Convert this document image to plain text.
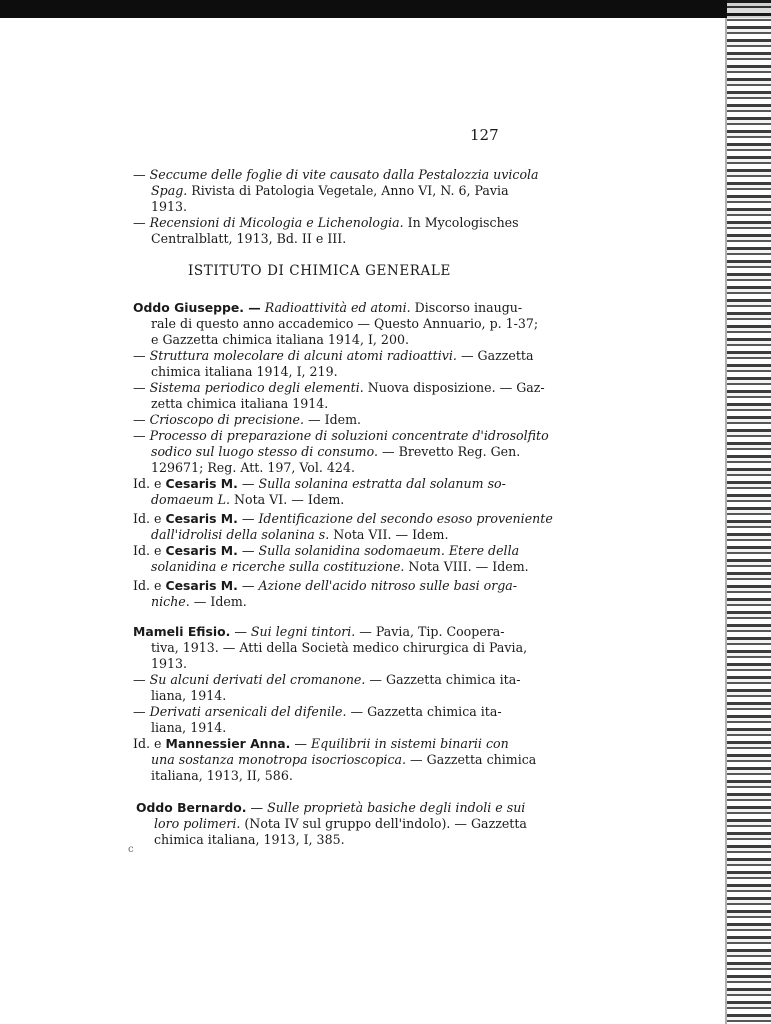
127
— Seccume delle foglie di vite causato dalla Pestalozzia uvicola
Spag. Rivista di Patologia Vegetale, Anno VI, N. 6, Pavia
1913.
— Recensioni di Micologia e Lichenologia. In Mycologisches
Centralblatt, 1913, Bd. II e III.
ISTITUTO DI CHIMICA GENERALE
Oddo Giuseppe. — Radioattività ed atomi. Discorso inaugu-
rale di questo anno accademico — Questo Annuario, p. 1-37;
e Gazzetta chimica italiana 1914, I, 200.
— Struttura molecolare di alcuni atomi radioattivi. — Gazzetta
chimica italiana 1914, I, 219.
— Sistema periodico degli elementi. Nuova disposizione. — Gaz-
zetta chimica italiana 1914.
— Crioscopo di precisione. — Idem.
— Processo di preparazione di soluzioni concentrate d'idrosolfito
sodico sul luogo stesso di consumo. — Brevetto Reg. Gen.
129671; Reg. Att. 197, Vol. 424.
Id. e Cesaris M. — Sulla solanina estratta dal solanum so-
domaeum L. Nota VI. — Idem.
Id. e Cesaris M. — Identificazione del secondo esoso proveniente
dall'idrolisi della solanina s. Nota VII. — Idem.
Id. e Cesaris M. — Sulla solanidina sodomaeum. Etere della
solanidina e ricerche sulla costituzione. Nota VIII. — Idem.
Id. e Cesaris M. — Azione dell'acido nitroso sulle basi orga-
niche. — Idem.
Mameli Efisio. — Sui legni tintori. — Pavia, Tip. Coopera-
tiva, 1913. — Atti della Società medico chirurgica di Pavia,
1913.
— Su alcuni derivati del cromanone. — Gazzetta chimica ita-
liana, 1914.
— Derivati arsenicali del difenile. — Gazzetta chimica ita-
liana, 1914.
Id. e Mannessier Anna. — Equilibrii in sistemi binarii con
una sostanza monotropa isocrioscopica. — Gazzetta chimica
italiana, 1913, II, 586.
Oddo Bernardo. — Sulle proprietà basiche degli indoli e sui
loro polimeri. (Nota IV sul gruppo dell'indolo). — Gazzetta
chimica italiana, 1913, I, 385.
c
